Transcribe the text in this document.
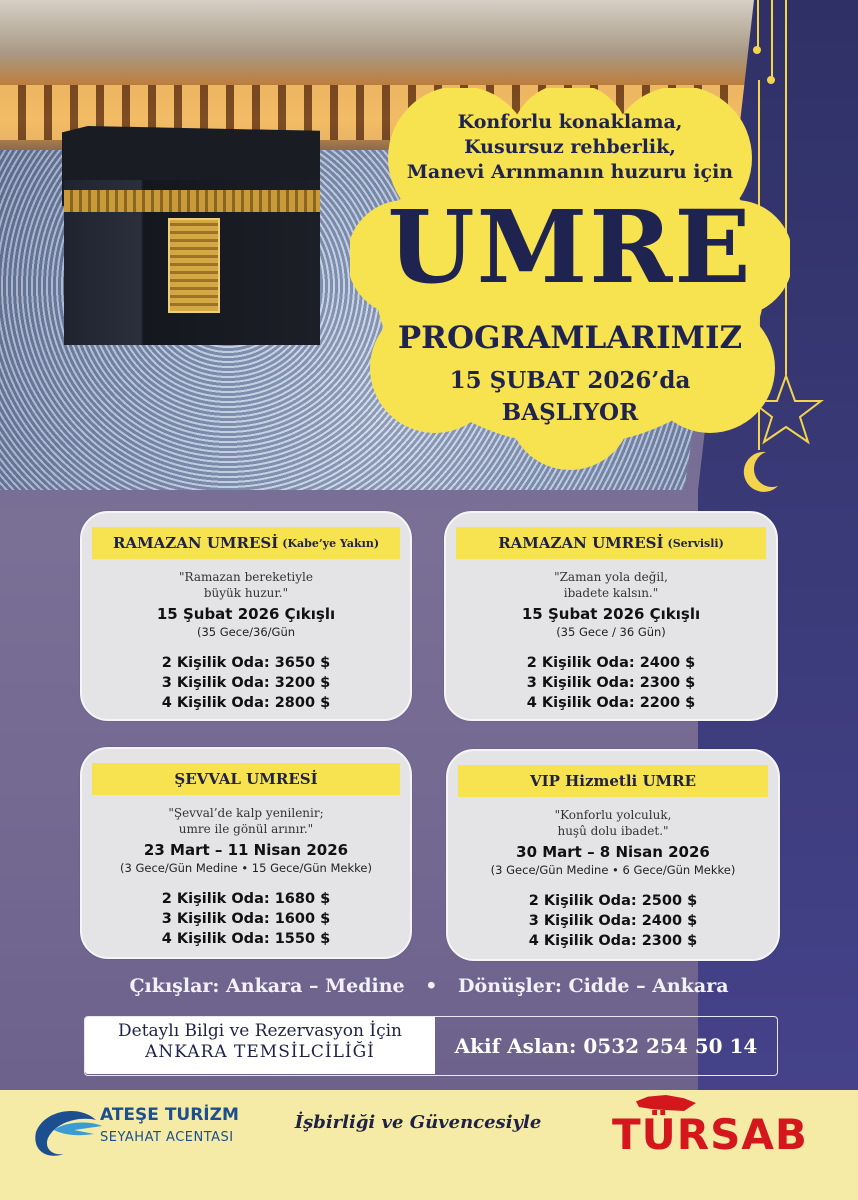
Konforlu konaklama,
Kusursuz rehberlik,
Manevi Arınmanın huzuru için
UMRE
PROGRAMLARIMIZ
15 ŞUBAT 2026’da
BAŞLIYOR
RAMAZAN UMRESİ (Kabe’ye Yakın)
"Ramazan bereketiyle
büyük huzur."
15 Şubat 2026 Çıkışlı
(35 Gece/36/Gün
2 Kişilik Oda: 3650 $
3 Kişilik Oda: 3200 $
4 Kişilik Oda: 2800 $
RAMAZAN UMRESİ (Servisli)
"Zaman yola değil,
ibadete kalsın."
15 Şubat 2026 Çıkışlı
(35 Gece / 36 Gün)
2 Kişilik Oda: 2400 $
3 Kişilik Oda: 2300 $
4 Kişilik Oda: 2200 $
ŞEVVAL UMRESİ
"Şevval’de kalp yenilenir;
umre ile gönül arınır."
23 Mart – 11 Nisan 2026
(3 Gece/Gün Medine • 15 Gece/Gün Mekke)
2 Kişilik Oda: 1680 $
3 Kişilik Oda: 1600 $
4 Kişilik Oda: 1550 $
VIP Hizmetli UMRE
"Konforlu yolculuk,
huşû dolu ibadet."
30 Mart – 8 Nisan 2026
(3 Gece/Gün Medine • 6 Gece/Gün Mekke)
2 Kişilik Oda: 2500 $
3 Kişilik Oda: 2400 $
4 Kişilik Oda: 2300 $
Çıkışlar: Ankara – Medine • Dönüşler: Cidde – Ankara
Detaylı Bilgi ve Rezervasyon İçin
ANKARA TEMSİLCİLİĞİ	Akif Aslan: 0532 254 50 14
ATEŞE TURİZM
SEYAHAT ACENTASI
İşbirliği ve Güvencesiyle TÜRSAB
